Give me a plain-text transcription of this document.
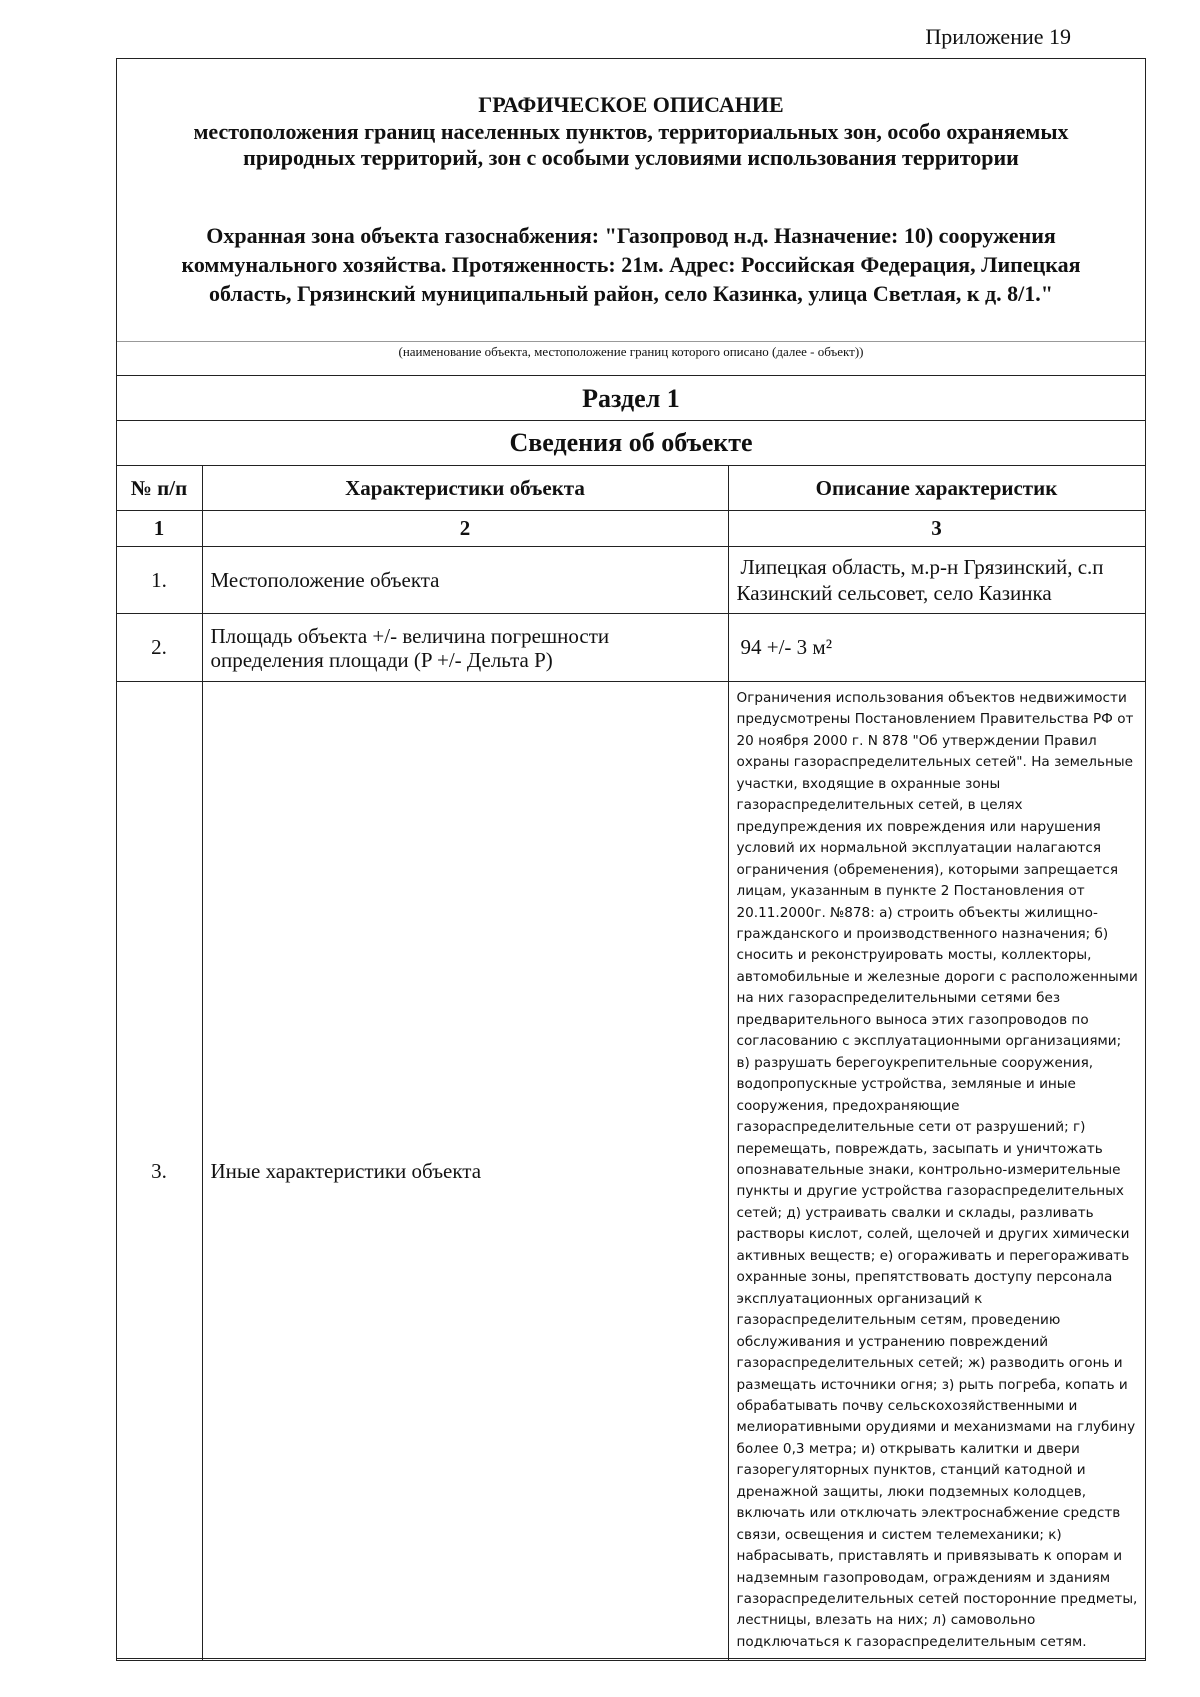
Приложение 19
ГРАФИЧЕСКОЕ ОПИСАНИЕ
местоположения границ населенных пунктов, территориальных зон, особо охраняемых
природных территорий, зон с особыми условиями использования территории
Охранная зона объекта газоснабжения: "Газопровод н.д. Назначение: 10) сооружения коммунального хозяйства. Протяженность: 21м. Адрес: Российская Федерация, Липецкая область, Грязинский муниципальный район, село Казинка, улица Светлая, к д. 8/1."
(наименование объекта, местоположение границ которого описано (далее - объект))
Раздел 1
Сведения об объекте
№ п/п	Характеристики объекта	Описание характеристик
1	2	3
1.	Местоположение объекта	Липецкая область, м.р-н Грязинский, с.п Казинский сельсовет, село Казинка
2.	Площадь объекта +/- величина погрешности определения площади (P +/- Дельта P)	94 +/- 3 м²
3.	Иные характеристики объекта	Ограничения использования объектов недвижимости предусмотрены Постановлением Правительства РФ от 20 ноября 2000 г. N 878 "Об утверждении Правил охраны газораспределительных сетей". На земельные участки, входящие в охранные зоны газораспределительных сетей, в целях предупреждения их повреждения или нарушения условий их нормальной эксплуатации налагаются ограничения (обременения), которыми запрещается лицам, указанным в пункте 2 Постановления от 20.11.2000г. №878: а) строить объекты жилищно-гражданского и производственного назначения; б) сносить и реконструировать мосты, коллекторы, автомобильные и железные дороги с расположенными на них газораспределительными сетями без предварительного выноса этих газопроводов по согласованию с эксплуатационными организациями; в) разрушать берегоукрепительные сооружения, водопропускные устройства, земляные и иные сооружения, предохраняющие газораспределительные сети от разрушений; г) перемещать, повреждать, засыпать и уничтожать опознавательные знаки, контрольно-измерительные пункты и другие устройства газораспределительных сетей; д) устраивать свалки и склады, разливать растворы кислот, солей, щелочей и других химически активных веществ; е) огораживать и перегораживать охранные зоны, препятствовать доступу персонала эксплуатационных организаций к газораспределительным сетям, проведению обслуживания и устранению повреждений газораспределительных сетей; ж) разводить огонь и размещать источники огня; з) рыть погреба, копать и обрабатывать почву сельскохозяйственными и мелиоративными орудиями и механизмами на глубину более 0,3 метра; и) открывать калитки и двери газорегуляторных пунктов, станций катодной и дренажной защиты, люки подземных колодцев, включать или отключать электроснабжение средств связи, освещения и систем телемеханики; к) набрасывать, приставлять и привязывать к опорам и надземным газопроводам, ограждениям и зданиям газораспределительных сетей посторонние предметы, лестницы, влезать на них; л) самовольно подключаться к газораспределительным сетям.
